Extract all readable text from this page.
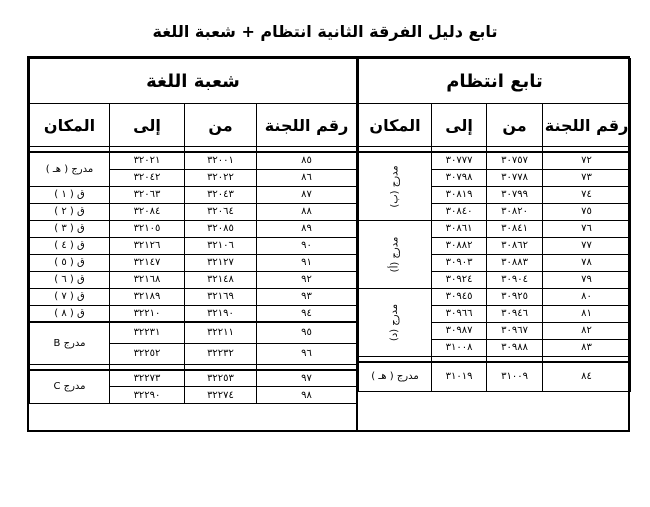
تابع دليل الفرقة الثانية انتظام + شعبة اللغة
تابع انتظام			
رقم اللجنة	من	إلى	المكان

٧٢	٣٠٧٥٧	٣٠٧٧٧	مدرج (ب)
٧٣	٣٠٧٧٨	٣٠٧٩٨	
٧٤	٣٠٧٩٩	٣٠٨١٩	
٧٥	٣٠٨٢٠	٣٠٨٤٠	
٧٦	٣٠٨٤١	٣٠٨٦١	مدرج (أ)
٧٧	٣٠٨٦٢	٣٠٨٨٢	
٧٨	٣٠٨٨٣	٣٠٩٠٣	
٧٩	٣٠٩٠٤	٣٠٩٢٤	
٨٠	٣٠٩٢٥	٣٠٩٤٥	مدرج (د)
٨١	٣٠٩٤٦	٣٠٩٦٦	
٨٢	٣٠٩٦٧	٣٠٩٨٧	
٨٣	٣٠٩٨٨	٣١٠٠٨	

٨٤	٣١٠٠٩	٣١٠١٩	مدرج ( هـ )

شعبة اللغة			
رقم اللجنة	من	إلى	المكان

٨٥	٣٢٠٠١	٣٢٠٢١	مدرج ( هـ )
٨٦	٣٢٠٢٢	٣٢٠٤٢	
٨٧	٣٢٠٤٣	٣٢٠٦٣	ق ( ١ )
٨٨	٣٢٠٦٤	٣٢٠٨٤	ق ( ٢ )
٨٩	٣٢٠٨٥	٣٢١٠٥	ق ( ٣ )
٩٠	٣٢١٠٦	٣٢١٢٦	ق ( ٤ )
٩١	٣٢١٢٧	٣٢١٤٧	ق ( ٥ )
٩٢	٣٢١٤٨	٣٢١٦٨	ق ( ٦ )
٩٣	٣٢١٦٩	٣٢١٨٩	ق ( ٧ )
٩٤	٣٢١٩٠	٣٢٢١٠	ق ( ٨ )
٩٥	٣٢٢١١	٣٢٢٣١	مدرج B
٩٦	٣٢٢٣٢	٣٢٢٥٢	

٩٧	٣٢٢٥٣	٣٢٢٧٣	مدرج C
٩٨	٣٢٢٧٤	٣٢٢٩٠	
